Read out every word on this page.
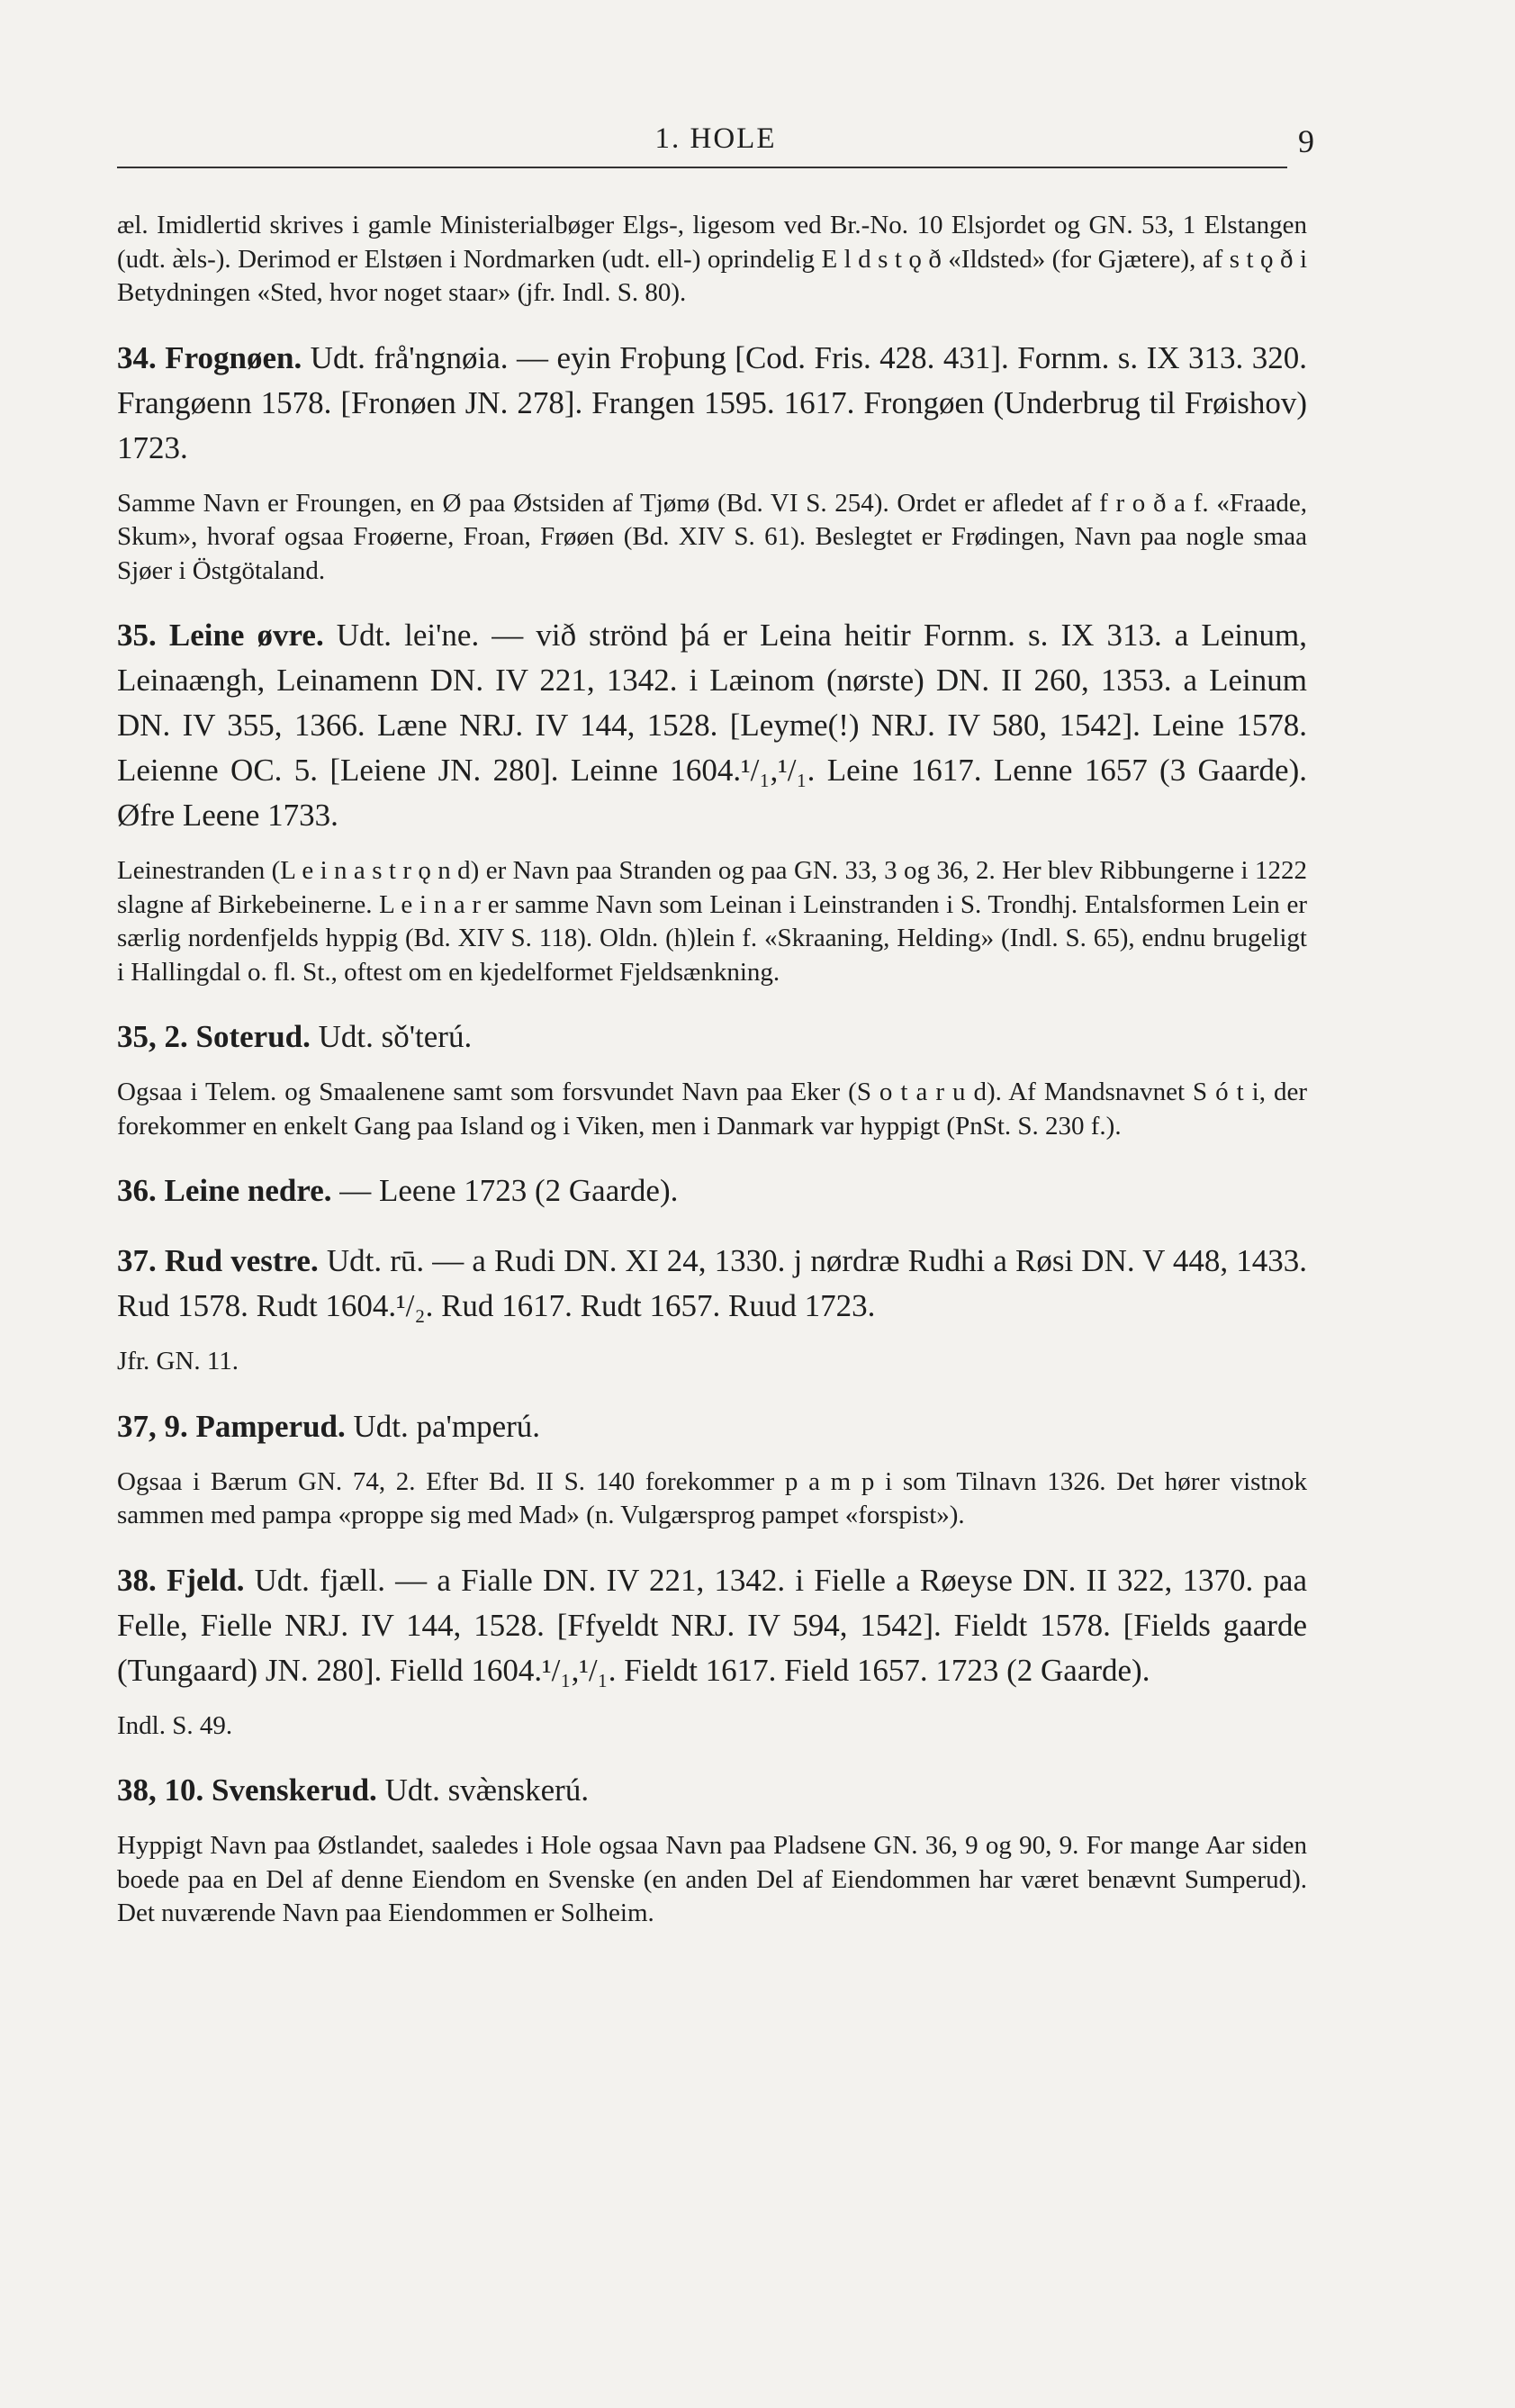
1. HOLE	9

æl. Imidlertid skrives i gamle Ministerialbøger Elgs-, ligesom ved Br.-No. 10 Elsjordet og GN. 53, 1 Elstangen (udt. æ̀ls-). Derimod er Elstøen i Nordmarken (udt. ell-) oprindelig E l d s t ǫ ð «Ildsted» (for Gjætere), af s t ǫ ð i Betydningen «Sted, hvor noget staar» (jfr. Indl. S. 80).

34. Frognøen. Udt. frå'ngnøia. — eyin Froþung [Cod. Fris. 428. 431]. Fornm. s. IX 313. 320. Frangøenn 1578. [Fronøen JN. 278]. Frangen 1595. 1617. Frongøen (Underbrug til Frøishov) 1723.

Samme Navn er Froungen, en Ø paa Østsiden af Tjømø (Bd. VI S. 254). Ordet er afledet af f r o ð a f. «Fraade, Skum», hvoraf ogsaa Froøerne, Froan, Frøøen (Bd. XIV S. 61). Beslegtet er Frødingen, Navn paa nogle smaa Sjøer i Östgötaland.

35. Leine øvre. Udt. lei'ne. — við strönd þá er Leina heitir Fornm. s. IX 313. a Leinum, Leinaængh, Leinamenn DN. IV 221, 1342. i Læinom (nørste) DN. II 260, 1353. a Leinum DN. IV 355, 1366. Læne NRJ. IV 144, 1528. [Leyme(!) NRJ. IV 580, 1542]. Leine 1578. Leienne OC. 5. [Leiene JN. 280]. Leinne 1604.¹/₁,¹/₁. Leine 1617. Lenne 1657 (3 Gaarde). Øfre Leene 1733.

Leinestranden (L e i n a s t r ǫ n d) er Navn paa Stranden og paa GN. 33, 3 og 36, 2. Her blev Ribbungerne i 1222 slagne af Birkebeinerne. L e i n a r er samme Navn som Leinan i Leinstranden i S. Trondhj. Entalsformen Lein er særlig nordenfjelds hyppig (Bd. XIV S. 118). Oldn. (h)lein f. «Skraaning, Helding» (Indl. S. 65), endnu brugeligt i Hallingdal o. fl. St., oftest om en kjedelformet Fjeldsænkning.

35, 2. Soterud. Udt. sǒ'terú.

Ogsaa i Telem. og Smaalenene samt som forsvundet Navn paa Eker (S o t a r u d). Af Mandsnavnet S ó t i, der forekommer en enkelt Gang paa Island og i Viken, men i Danmark var hyppigt (PnSt. S. 230 f.).

36. Leine nedre. — Leene 1723 (2 Gaarde).

37. Rud vestre. Udt. rū. — a Rudi DN. XI 24, 1330. j nørdræ Rudhi a Røsi DN. V 448, 1433. Rud 1578. Rudt 1604.¹/₂. Rud 1617. Rudt 1657. Ruud 1723.

Jfr. GN. 11.

37, 9. Pamperud. Udt. pa'mperú.

Ogsaa i Bærum GN. 74, 2. Efter Bd. II S. 140 forekommer p a m p i som Tilnavn 1326. Det hører vistnok sammen med pampa «proppe sig med Mad» (n. Vulgærsprog pampet «forspist»).

38. Fjeld. Udt. fjæll. — a Fialle DN. IV 221, 1342. i Fielle a Røeyse DN. II 322, 1370. paa Felle, Fielle NRJ. IV 144, 1528. [Ffyeldt NRJ. IV 594, 1542]. Fieldt 1578. [Fields gaarde (Tungaard) JN. 280]. Fielld 1604.¹/₁,¹/₁. Fieldt 1617. Field 1657. 1723 (2 Gaarde).

Indl. S. 49.

38, 10. Svenskerud. Udt. svæ̀nskerú.

Hyppigt Navn paa Østlandet, saaledes i Hole ogsaa Navn paa Pladsene GN. 36, 9 og 90, 9. For mange Aar siden boede paa en Del af denne Eiendom en Svenske (en anden Del af Eiendommen har været benævnt Sumperud). Det nuværende Navn paa Eiendommen er Solheim.
